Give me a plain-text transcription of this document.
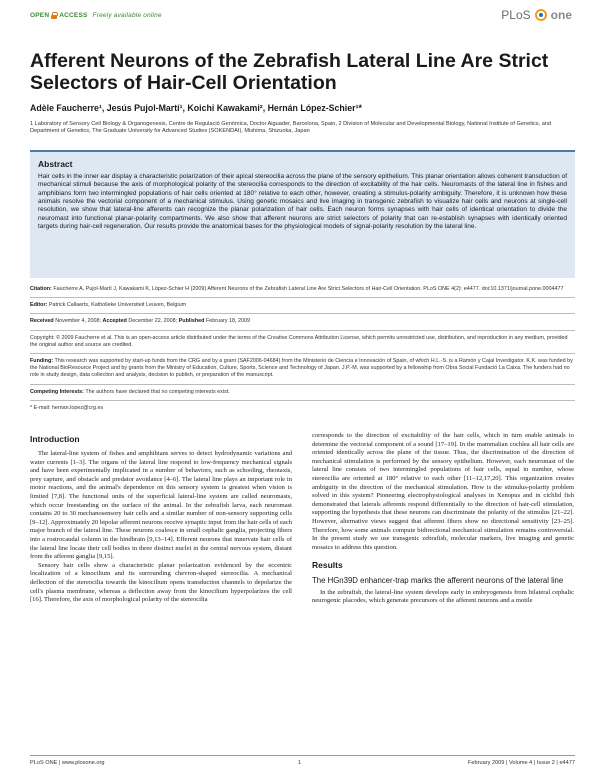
OPEN ACCESS Freely available online	PLoS one
Afferent Neurons of the Zebrafish Lateral Line Are Strict Selectors of Hair-Cell Orientation
Adèle Faucherre¹, Jesús Pujol-Martí¹, Koichi Kawakami², Hernán López-Schier¹*
1 Laboratory of Sensory Cell Biology & Organogenesis, Centre de Regulació Genòmica, Doctor Aiguader, Barcelona, Spain, 2 Division of Molecular and Developmental Biology, National Institute of Genetics, and Department of Genetics, The Graduate University for Advanced Studies (SOKENDAI), Mishima, Shizuoka, Japan
Abstract

Hair cells in the inner ear display a characteristic polarization of their apical stereocilia across the plane of the sensory epithelium. This planar orientation allows coherent transduction of mechanical stimuli because the axis of morphological polarity of the stereocilia corresponds to the direction of excitability of the hair cells. Neuromasts of the lateral line in fishes and amphibians form two intermingled populations of hair cells oriented at 180° relative to each other, however, creating a stimulus-polarity ambiguity. Therefore, it is unknown how these animals resolve the vectorial component of a mechanical stimulus. Using genetic mosaics and live imaging in transgenic zebrafish to visualize hair cells and neurons at single-cell resolution, we show that lateral-line afferents can recognize the planar polarization of hair cells. Each neuron forms synapses with hair cells of identical orientation to divide the neuromast into functional planar-polarity compartments. We also show that afferent neurons are strict selectors of polarity that can re-establish synapses with identically oriented targets during hair-cell regeneration. Our results provide the anatomical bases for the physiological models of signal-polarity resolution by the lateral line.

Citation: Faucherre A, Pujol-Martí J, Kawakami K, López-Schier H (2009) Afferent Neurons of the Zebrafish Lateral Line Are Strict Selectors of Hair-Cell Orientation. PLoS ONE 4(2): e4477. doi:10.1371/journal.pone.0004477
Editor: Patrick Callaerts, Katholieke Universiteit Leuven, Belgium
Received November 4, 2008; Accepted December 22, 2008; Published February 18, 2009
Copyright: © 2009 Faucherre et al. This is an open-access article distributed under the terms of the Creative Commons Attribution License, which permits unrestricted use, distribution, and reproduction in any medium, provided the original author and source are credited.
Funding: This research was supported by start-up funds from the CRG and by a grant (SAF2006-04684) from the Ministerio de Ciencia e Innovación of Spain, of which H.L.-S. is a Ramón y Cajal Investigator. K.K. was funded by the National BioResource Project and by grants from the Ministry of Education, Culture, Sports, Science and Technology of Japan. J.P.-M. was supported by a fellowship from Obra Social Fundació La Caixa. The funders had no role in study design, data collection and analysis, decision to publish, or preparation of the manuscript.
Competing Interests: The authors have declared that no competing interests exist.
* E-mail: hernan.lopez@crg.es
Introduction

The lateral-line system of fishes and amphibians serves to detect hydrodynamic variations and water currents [1–3]. The organs of the lateral line respond to low-frequency mechanical signals and have been experimentally implicated in a number of behaviors, such as schooling, rheotaxis, prey capture, and obstacle and predator avoidance [4–6]. The lateral line plays an important role in motor reactions, and the animal's dependence on this sensory system is greatest when vision is limited [7,8]. The functional units of the superficial lateral-line system are called neuromasts, which occur freestanding on the surface of the animal. In the zebrafish larva, each neuromast contains 20 to 30 mechanosensory hair cells and a similar number of non-sensory supporting cells [9–12]. Approximately 20 bipolar afferent neurons receive synaptic input from the hair cells of each major branch of the lateral line. These neurons coalesce in small cephalic ganglia, projecting fibers into a rostrocaudal column in the hindbrain [9,13–14]. Efferent neurons that innervate hair cells of the lateral line locate their cell bodies in three distinct nuclei in the central nervous system, distant from the afferent ganglia [9,15].

Sensory hair cells show a characteristic planar polarization evidenced by the eccentric localization of a kinocilium and its surrounding chevron-shaped stereocilia. A mechanical deflection of the stereocilia towards the kinocilium opens transduction channels to depolarize the cell's plasma membrane, whereas a deflection away from the kinocilium hyperpolarizes the cell [16]. Therefore, the axis of morphological polarity of the stereocilia

corresponds to the direction of excitability of the hair cells, which in turn enable animals to determine the vectorial component of a sound [17–19]. In the mammalian cochlea all hair cells are oriented identically across the plane of the tissue. Thus, the discrimination of the direction of mechanical stimulation is performed by the sensory epithelium. However, each neuromast of the lateral line consists of two intermingled populations of hair cells, equal in number, whose stereocilia are oriented at 180° relative to each other [11–12,17,20]. This organization creates ambiguity in the direction of the mechanical stimulation. How is the stimulus-polarity problem solved in this system? Pioneering electrophysiological analyses in Xenopus and in cichlid fish demonstrated that laterals afferents respond differentially to the direction of hair-cell stimulation, supporting the hypothesis that these neurons can discriminate the polarity of the stimulus [21–22]. However, alternative views suggest that afferent fibers show no directional sensitivity [23–25]. Therefore, how some animals compute bidirectional mechanical stimulation remains controversial. In the present study we use transgenic zebrafish, molecular markers, live imaging and genetic mosaics to address this question.

Results
The HGn39D enhancer-trap marks the afferent neurons of the lateral line

In the zebrafish, the lateral-line system develops early in embryogenesis from bilateral cephalic neurogenic placodes, which generate precursors of the afferent neurons and a motile

PLoS ONE | www.plosone.org	1	February 2009 | Volume 4 | Issue 2 | e4477
